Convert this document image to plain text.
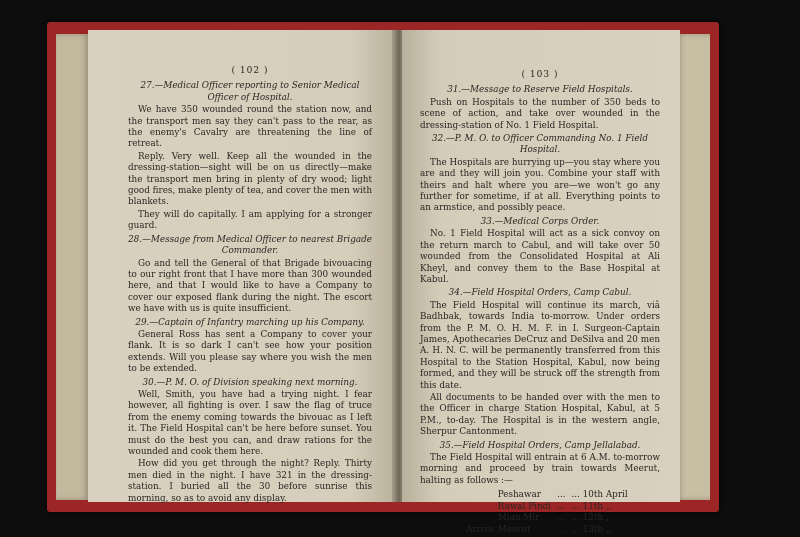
( 102 )
27.—Medical Officer reporting to Senior Medical Officer of Hospital.

We have 350 wounded round the station now, and the transport men say they can't pass to the rear, as the enemy's Cavalry are threatening the line of retreat.

Reply. Very well. Keep all the wounded in the dressing-station—sight will be on us directly—make the transport men bring in plenty of dry wood; light good fires, make plenty of tea, and cover the men with blankets.

They will do capitally. I am applying for a stronger guard.

28.—Message from Medical Officer to nearest Brigade Commander.

Go and tell the General of that Brigade bivouacing to our right front that I have more than 300 wounded here, and that I would like to have a Company to cover our exposed flank during the night. The escort we have with us is quite insufficient.

29.—Captain of Infantry marching up his Company.

General Ross has sent a Company to cover your flank. It is so dark I can't see how your position extends. Will you please say where you wish the men to be extended.

30.—P. M. O. of Division speaking next morning.

Well, Smith, you have had a trying night. I fear however, all fighting is over. I saw the flag of truce from the enemy coming towards the bivouac as I left it. The Field Hospital can't be here before sunset. You must do the best you can, and draw rations for the wounded and cook them here.

How did you get through the night? Reply. Thirty men died in the night. I have 321 in the dressing-station. I buried all the 30 before sunrise this morning, so as to avoid any display.

( 103 )
31.—Message to Reserve Field Hospitals.

Push on Hospitals to the number of 350 beds to scene of action, and take over wounded in the dressing-station of No. 1 Field Hospital.

32.—P. M. O. to Officer Commanding No. 1 Field Hospital.

The Hospitals are hurrying up—you stay where you are and they will join you. Combine your staff with theirs and halt where you are—we won't go any further for sometime, if at all. Everything points to an armstice, and possibly peace.

33.—Medical Corps Order.

No. 1 Field Hospital will act as a sick convoy on the return march to Cabul, and will take over 50 wounded from the Consolidated Hospital at Ali Kheyl, and convey them to the Base Hospital at Kabul.

34.—Field Hospital Orders, Camp Cabul.

The Field Hospital will continue its march, viâ Badhbak, towards India to-morrow. Under orders from the P. M. O. H. M. F. in I. Surgeon-Captain James, Apothecaries DeCruz and DeSilva and 20 men A. H. N. C. will be permanently transferred from this Hospital to the Station Hospital, Kabul, now being formed, and they will be struck off the strength from this date.

All documents to be handed over with the men to the Officer in charge Station Hospital, Kabul, at 5 P.M., to-day. The Hospital is in the western angle, Sherpur Cantonment.

35.—Field Hospital Orders, Camp Jellalabad.

The Field Hospital will entrain at 6 A.M. to-morrow morning and proceed by train towards Meerut, halting as follows :—

	Peshawar	...	... 10th April
	Rawal Pindi	...	... 11th ,,
	Mian Mir	...	... 12th ,,
Arrive	Meerut	...	... 13th ,,
